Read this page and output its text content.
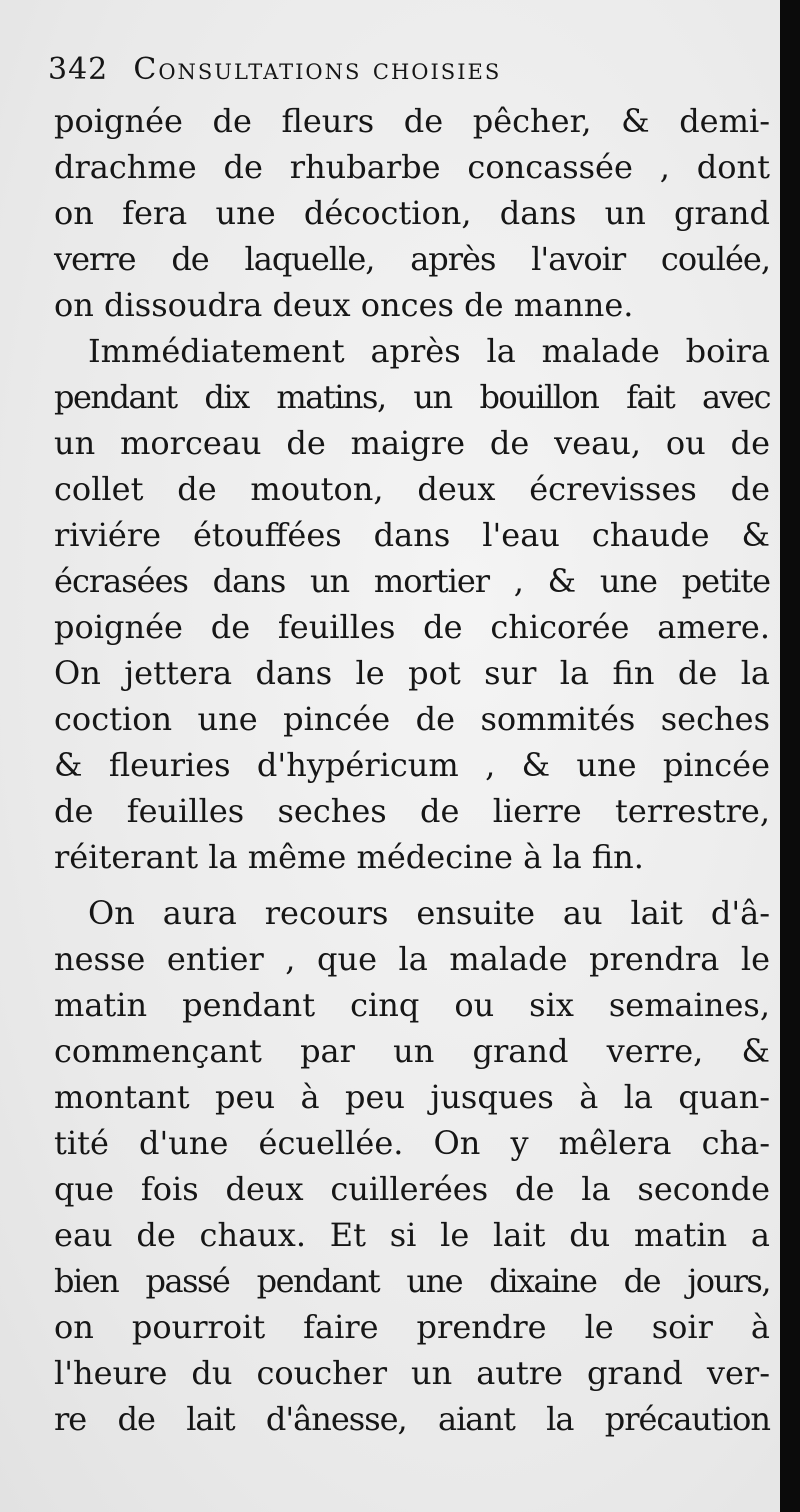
342 Consultations choisies
poignée de fleurs de pêcher, & demi-
drachme de rhubarbe concassée , dont
on fera une décoction, dans un grand
verre de laquelle, après l'avoir coulée,
on dissoudra deux onces de manne.
Immédiatement après la malade boira
pendant dix matins, un bouillon fait avec
un morceau de maigre de veau, ou de
collet de mouton, deux écrevisses de
riviére étouffées dans l'eau chaude &
écrasées dans un mortier , & une petite
poignée de feuilles de chicorée amere.
On jettera dans le pot sur la fin de la
coction une pincée de sommités seches
& fleuries d'hypéricum , & une pincée
de feuilles seches de lierre terrestre,
réiterant la même médecine à la fin.
On aura recours ensuite au lait d'â-
nesse entier , que la malade prendra le
matin pendant cinq ou six semaines,
commençant par un grand verre, &
montant peu à peu jusques à la quan-
tité d'une écuellée. On y mêlera cha-
que fois deux cuillerées de la seconde
eau de chaux. Et si le lait du matin a
bien passé pendant une dixaine de jours,
on pourroit faire prendre le soir à
l'heure du coucher un autre grand ver-
re de lait d'ânesse, aiant la précaution
